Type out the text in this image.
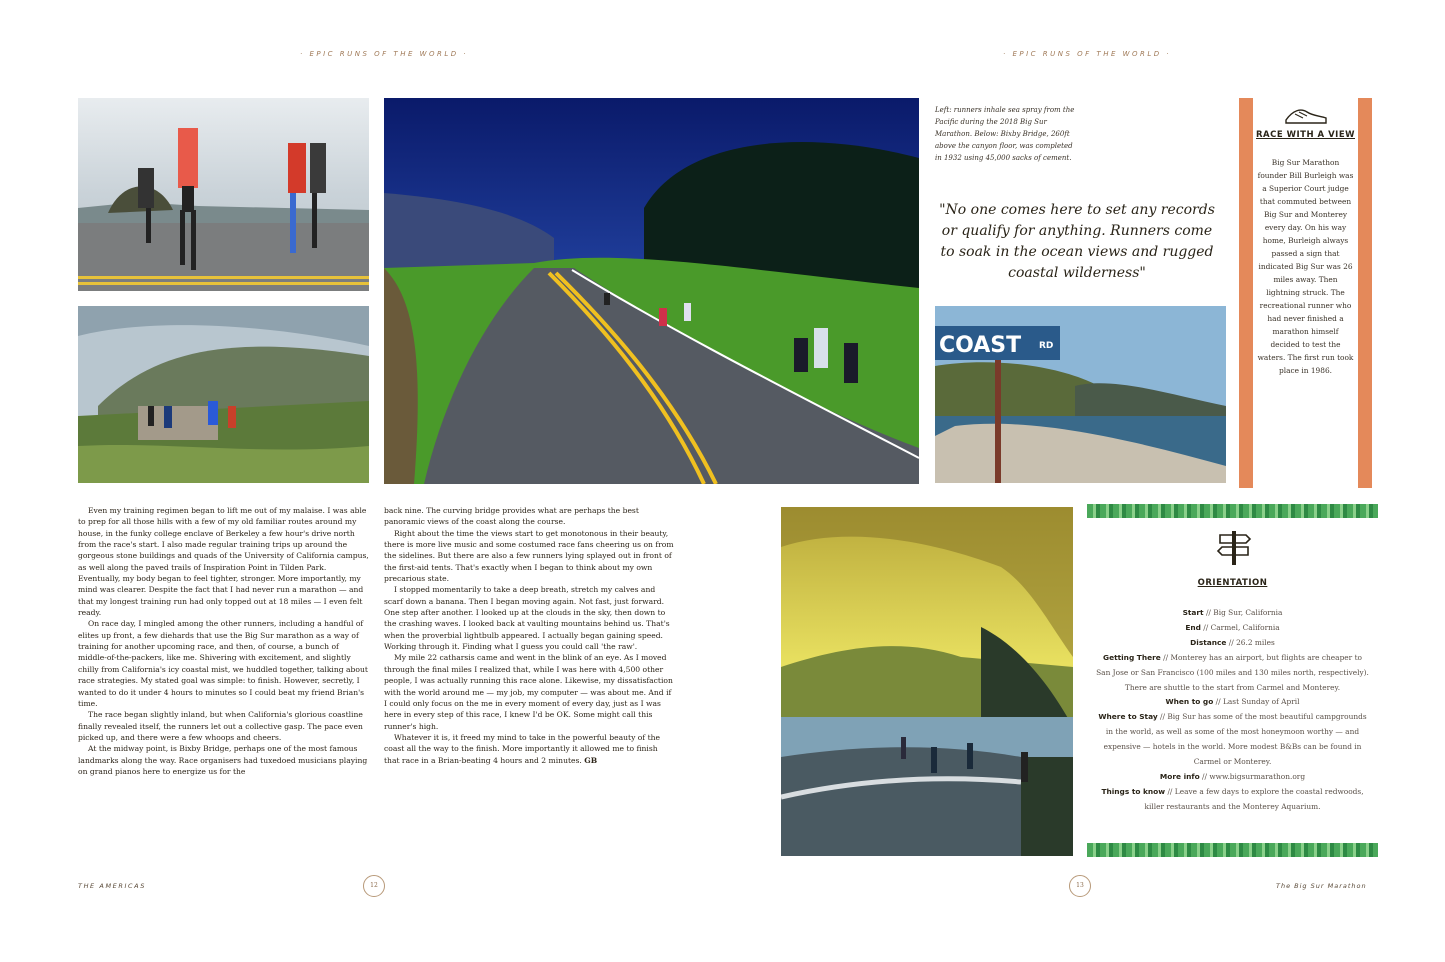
· EPIC RUNS OF THE WORLD ·	· EPIC RUNS OF THE WORLD ·
Left: runners inhale sea spray from the Pacific during the 2018 Big Sur Marathon. Below: Bixby Bridge, 260ft above the canyon floor, was completed in 1932 using 45,000 sacks of cement.
"No one comes here to set any records or qualify for anything. Runners come to soak in the ocean views and rugged coastal wilderness"
COAST RD
RACE WITH A VIEW
Big Sur Marathon founder Bill Burleigh was a Superior Court judge that commuted between Big Sur and Monterey every day. On his way home, Burleigh always passed a sign that indicated Big Sur was 26 miles away. Then lightning struck. The recreational runner who had never finished a marathon himself decided to test the waters. The first run took place in 1986.

Even my training regimen began to lift me out of my malaise. I was able to prep for all those hills with a few of my old familiar routes around my house, in the funky college enclave of Berkeley a few hour's drive north from the race's start. I also made regular training trips up around the gorgeous stone buildings and quads of the University of California campus, as well along the paved trails of Inspiration Point in Tilden Park. Eventually, my body began to feel tighter, stronger. More importantly, my mind was clearer. Despite the fact that I had never run a marathon — and that my longest training run had only topped out at 18 miles — I even felt ready.

On race day, I mingled among the other runners, including a handful of elites up front, a few diehards that use the Big Sur marathon as a way of training for another upcoming race, and then, of course, a bunch of middle-of-the-packers, like me. Shivering with excitement, and slightly chilly from California's icy coastal mist, we huddled together, talking about race strategies. My stated goal was simple: to finish. However, secretly, I wanted to do it under 4 hours to minutes so I could beat my friend Brian's time.

The race began slightly inland, but when California's glorious coastline finally revealed itself, the runners let out a collective gasp. The pace even picked up, and there were a few whoops and cheers.

At the midway point, is Bixby Bridge, perhaps one of the most famous landmarks along the way. Race organisers had tuxedoed musicians playing on grand pianos here to energize us for the

back nine. The curving bridge provides what are perhaps the best panoramic views of the coast along the course.

Right about the time the views start to get monotonous in their beauty, there is more live music and some costumed race fans cheering us on from the sidelines. But there are also a few runners lying splayed out in front of the first-aid tents. That's exactly when I began to think about my own precarious state.

I stopped momentarily to take a deep breath, stretch my calves and scarf down a banana. Then I began moving again. Not fast, just forward. One step after another. I looked up at the clouds in the sky, then down to the crashing waves. I looked back at vaulting mountains behind us. That's when the proverbial lightbulb appeared. I actually began gaining speed. Working through it. Finding what I guess you could call 'the raw'.

My mile 22 catharsis came and went in the blink of an eye. As I moved through the final miles I realized that, while I was here with 4,500 other people, I was actually running this race alone. Likewise, my dissatisfaction with the world around me — my job, my computer — was about me. And if I could only focus on the me in every moment of every day, just as I was here in every step of this race, I knew I'd be OK. Some might call this runner's high.

Whatever it is, it freed my mind to take in the powerful beauty of the coast all the way to the finish. More importantly it allowed me to finish that race in a Brian-beating 4 hours and 2 minutes. GB

ORIENTATION
Start // Big Sur, California
End // Carmel, California
Distance // 26.2 miles
Getting There // Monterey has an airport, but flights are cheaper to San Jose or San Francisco (100 miles and 130 miles north, respectively). There are shuttle to the start from Carmel and Monterey.
When to go // Last Sunday of April
Where to Stay // Big Sur has some of the most beautiful campgrounds in the world, as well as some of the most honeymoon worthy — and expensive — hotels in the world. More modest B&Bs can be found in Carmel or Monterey.
More info // www.bigsurmarathon.org
Things to know // Leave a few days to explore the coastal redwoods, killer restaurants and the Monterey Aquarium.
THE AMERICAS	12	13	The Big Sur Marathon
